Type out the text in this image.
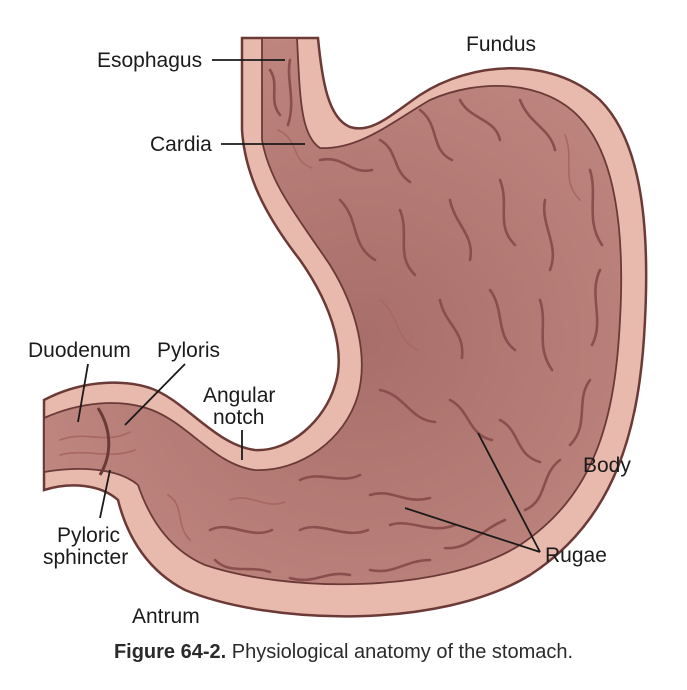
Esophagus
Fundus
Cardia
Duodenum Pyloris
Angular
notch
Body
Pyloric
sphincter	Rugae
Antrum
Figure 64-2. Physiological anatomy of the stomach.
